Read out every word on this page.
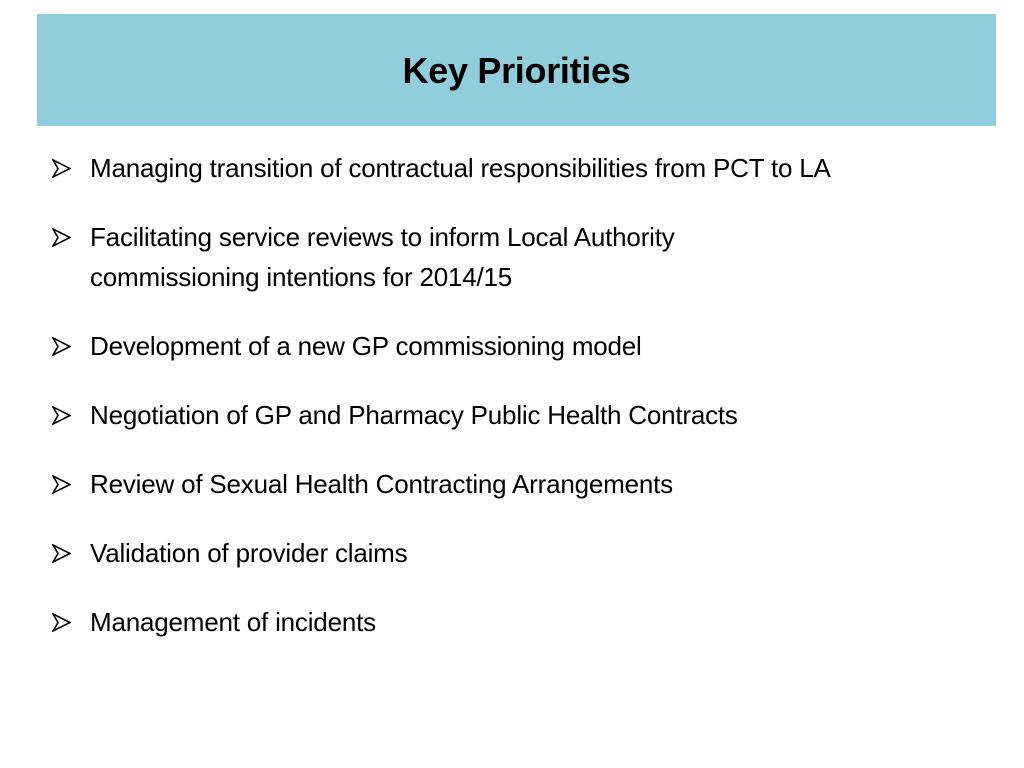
Key Priorities
Managing transition of contractual responsibilities from PCT to LA
Facilitating service reviews to inform Local Authority commissioning intentions for 2014/15
Development of a new GP commissioning model
Negotiation of GP and Pharmacy Public Health Contracts
Review of Sexual Health Contracting Arrangements
Validation of provider claims
Management of incidents
